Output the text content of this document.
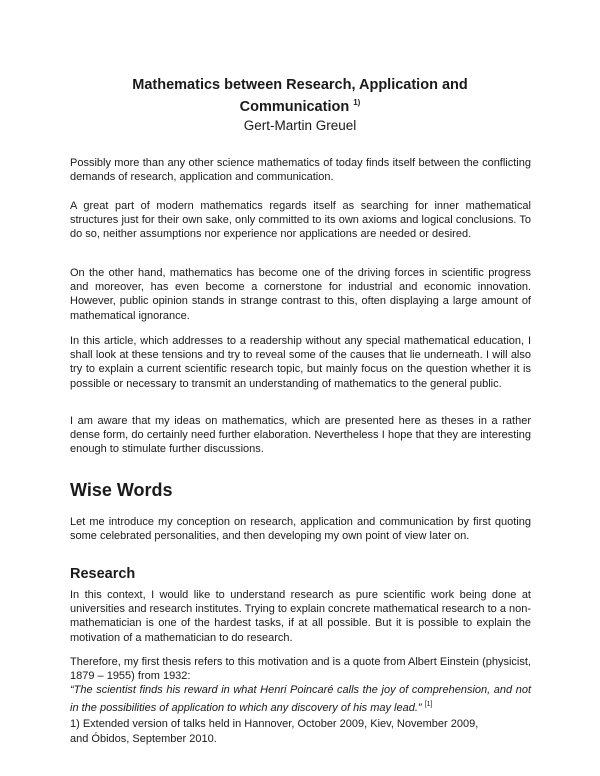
Mathematics between Research, Application and
Communication $^{1)}$
Gert-Martin Greuel

Possibly more than any other science mathematics of today finds itself between the conflicting demands of research, application and communication.

A great part of modern mathematics regards itself as searching for inner mathematical structures just for their own sake, only committed to its own axioms and logical conclusions. To do so, neither assumptions nor experience nor applications are needed or desired.

On the other hand, mathematics has become one of the driving forces in scientific progress and moreover, has even become a cornerstone for industrial and economic innovation. However, public opinion stands in strange contrast to this, often displaying a large amount of mathematical ignorance.

In this article, which addresses to a readership without any special mathematical education, I shall look at these tensions and try to reveal some of the causes that lie underneath. I will also try to explain a current scientific research topic, but mainly focus on the question whether it is possible or necessary to transmit an understanding of mathematics to the general public.

I am aware that my ideas on mathematics, which are presented here as theses in a rather dense form, do certainly need further elaboration. Nevertheless I hope that they are interesting enough to stimulate further discussions.

Wise Words

Let me introduce my conception on research, application and communication by first quoting some celebrated personalities, and then developing my own point of view later on.

Research

In this context, I would like to understand research as pure scientific work being done at universities and research institutes. Trying to explain concrete mathematical research to a non-mathematician is one of the hardest tasks, if at all possible. But it is possible to explain the motivation of a mathematician to do research.

Therefore, my first thesis refers to this motivation and is a quote from Albert Einstein (physicist, 1879 – 1955) from 1932:
“The scientist finds his reward in what Henri Poincaré calls the joy of comprehension, and not in the possibilities of application to which any discovery of his may lead.” [1]

1) Extended version of talks held in Hannover, October 2009, Kiev, November 2009,
and Óbidos, September 2010.
